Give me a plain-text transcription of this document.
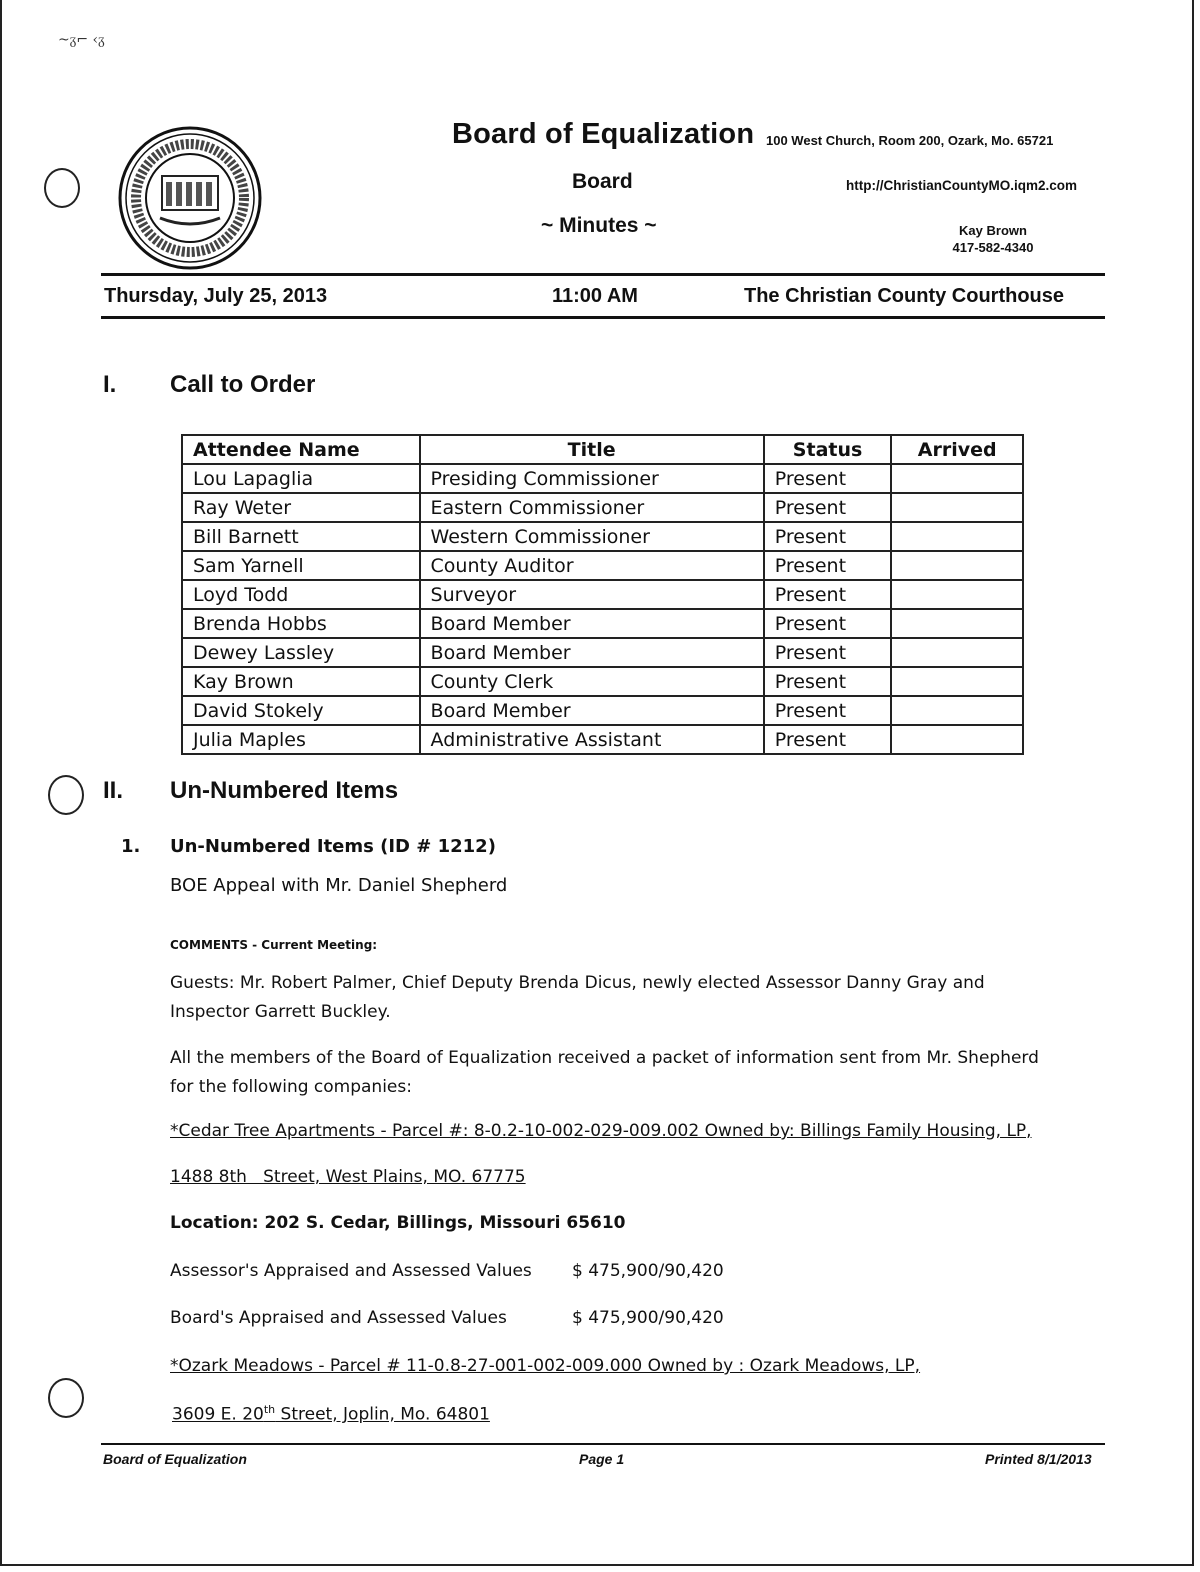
~ᵹ⌐ ‹ᵹ
Board of Equalization 100 West Church, Room 200, Ozark, Mo. 65721
Board	http://ChristianCountyMO.iqm2.com
~ Minutes ~	Kay Brown
417-582-4340
Thursday, July 25, 2013	11:00 AM	The Christian County Courthouse
I. Call to Order
Attendee Name	Title	Status	Arrived
Lou Lapaglia	Presiding Commissioner	Present	
Ray Weter	Eastern Commissioner	Present	
Bill Barnett	Western Commissioner	Present	
Sam Yarnell	County Auditor	Present	
Loyd Todd	Surveyor	Present	
Brenda Hobbs	Board Member	Present	
Dewey Lassley	Board Member	Present	
Kay Brown	County Clerk	Present	
David Stokely	Board Member	Present	
Julia Maples	Administrative Assistant	Present	
II. Un-Numbered Items
1. Un-Numbered Items (ID # 1212)
BOE Appeal with Mr. Daniel Shepherd
COMMENTS - Current Meeting:
Guests: Mr. Robert Palmer, Chief Deputy Brenda Dicus, newly elected Assessor Danny Gray and
Inspector Garrett Buckley.
All the members of the Board of Equalization received a packet of information sent from Mr. Shepherd
for the following companies:
*Cedar Tree Apartments - Parcel #: 8-0.2-10-002-029-009.002 Owned by: Billings Family Housing, LP,
1488 8th   Street, West Plains, MO. 67775
Location: 202 S. Cedar, Billings, Missouri 65610
Assessor's Appraised and Assessed Values $ 475,900/90,420
Board's Appraised and Assessed Values	$ 475,900/90,420
*Ozark Meadows - Parcel # 11-0.8-27-001-002-009.000 Owned by : Ozark Meadows, LP,
3609 E. 20th Street, Joplin, Mo. 64801
Board of Equalization	Page 1	Printed 8/1/2013
